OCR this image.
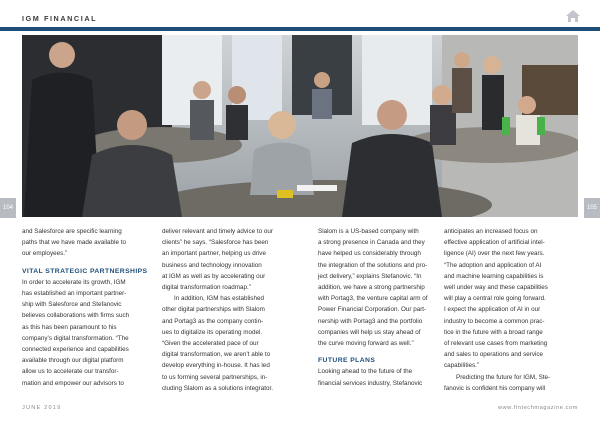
IGM FINANCIAL
104	105

and Salesforce are specific learning

paths that we have made available to

our employees.”

VITAL STRATEGIC PARTNERSHIPS

In order to accelerate its growth, IGM

has established an important partner-

ship with Salesforce and Stefanovic

believes collaborations with firms such

as this has been paramount to his

company’s digital transformation. “The

connected experience and capabilities

available through our digital platform

allow us to accelerate our transfor-

mation and empower our advisors to

deliver relevant and timely advice to our

clients” he says. “Salesforce has been

an important partner, helping us drive

business and technology innovation

at IGM as well as by accelerating our

digital transformation roadmap.”

In addition, IGM has established

other digital partnerships with Slalom

and Portag3 as the company contin-

ues to digitalize its operating model.

“Given the accelerated pace of our

digital transformation, we aren’t able to

develop everything in-house. It has led

to us forming several partnerships, in-

cluding Slalom as a solutions integrator.

Slalom is a US-based company with

a strong presence in Canada and they

have helped us considerably through

the integration of the solutions and pro-

ject delivery,” explains Stefanovic. “In

addition, we have a strong partnership

with Portag3, the venture capital arm of

Power Financial Corporation. Our part-

nership with Portag3 and the portfolio

companies will help us stay ahead of

the curve moving forward as well.”

FUTURE PLANS

Looking ahead to the future of the

financial services industry, Stefanovic

anticipates an increased focus on

effective application of artificial intel-

ligence (AI) over the next few years.

“The adoption and application of AI

and machine learning capabilities is

well under way and these capabilities

will play a central role going forward.

I expect the application of AI in our

industry to become a common prac-

tice in the future with a broad range

of relevant use cases from marketing

and sales to operations and service

capabilities.”

Predicting the future for IGM, Ste-

fanovic is confident his company will

JUNE 2019	www.fintechmagazine.com
